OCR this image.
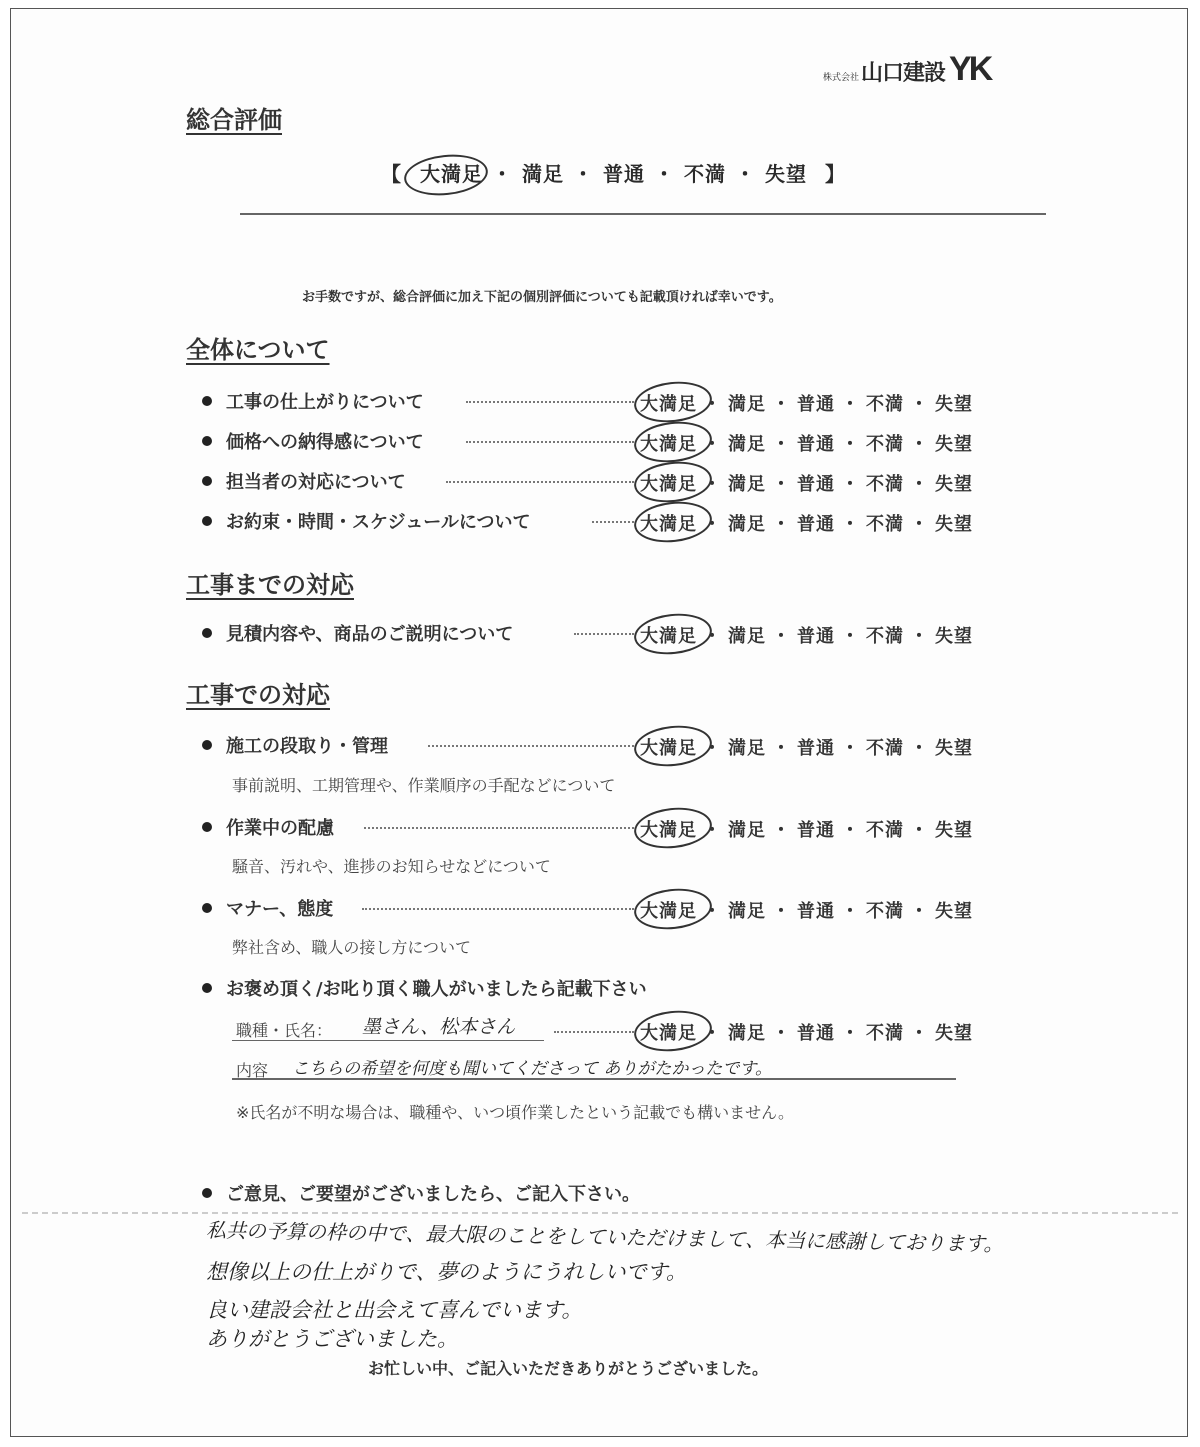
株式会社山口建設 YK
総合評価
【 大満足 ・ 満足 ・ 普通 ・ 不満 ・ 失望 】
お手数ですが、総合評価に加え下記の個別評価についても記載頂ければ幸いです。
全体について
工事の仕上がりについて	大満足 ・ 満足 ・ 普通 ・ 不満 ・ 失望
価格への納得感について	大満足 ・ 満足 ・ 普通 ・ 不満 ・ 失望
担当者の対応について	大満足 ・ 満足 ・ 普通 ・ 不満 ・ 失望
お約束・時間・スケジュールについて	大満足 ・ 満足 ・ 普通 ・ 不満 ・ 失望
工事までの対応
見積内容や、商品のご説明について	大満足 ・ 満足 ・ 普通 ・ 不満 ・ 失望
工事での対応
施工の段取り・管理	大満足 ・ 満足 ・ 普通 ・ 不満 ・ 失望
事前説明、工期管理や、作業順序の手配などについて
作業中の配慮	大満足 ・ 満足 ・ 普通 ・ 不満 ・ 失望
騒音、汚れや、進捗のお知らせなどについて
マナー、態度	大満足 ・ 満足 ・ 普通 ・ 不満 ・ 失望
弊社含め、職人の接し方について
お褒め頂く/お叱り頂く職人がいましたら記載下さい
職種・氏名： 墨さん、松本さん	大満足 ・ 満足 ・ 普通 ・ 不満 ・ 失望
内容 こちらの希望を何度も聞いてくださって ありがたかったです。
※氏名が不明な場合は、職種や、いつ頃作業したという記載でも構いません。
ご意見、ご要望がございましたら、ご記入下さい。
私共の予算の枠の中で、最大限のことをしていただけまして、本当に感謝しております。
想像以上の仕上がりで、夢のようにうれしいです。
良い建設会社と出会えて喜んでいます。
ありがとうございました。
お忙しい中、ご記入いただきありがとうございました。
